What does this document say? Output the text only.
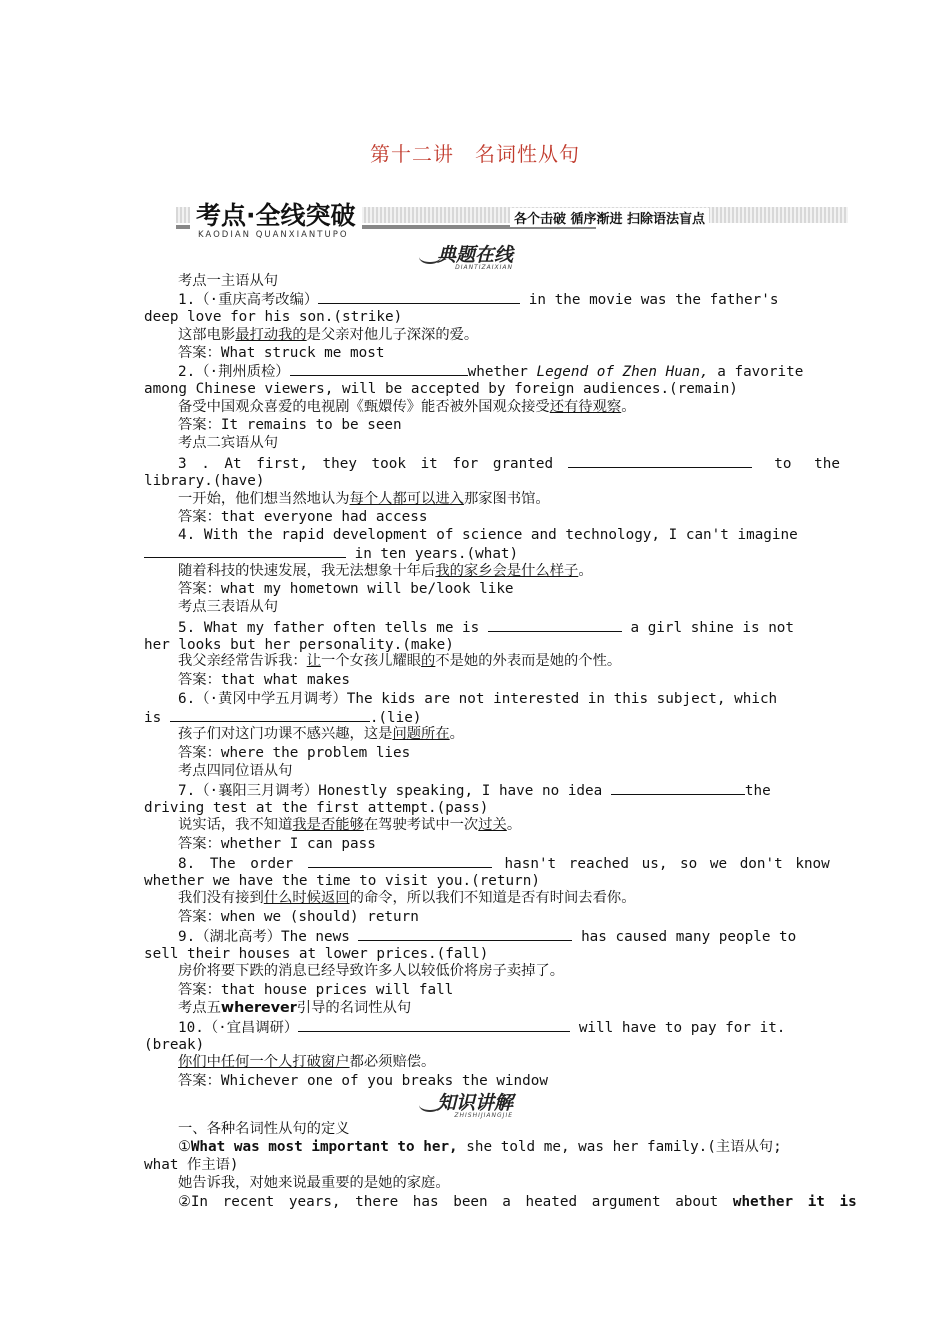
第十二讲　名词性从句
考点·全线突破
KAODIAN QUANXIANTUPO
各个击破 循序渐进 扫除语法盲点
典题在线
DIANTIZAIXIAN
考点一主语从句
1.（·重庆高考改编）	in the movie was the father's
deep love for his son.(strike)
这部电影最打动我的是父亲对他儿子深深的爱。
答案：What struck me most
2.（·荆州质检）	whether Legend of Zhen Huan, a favorite
among Chinese viewers, will be accepted by foreign audiences.(remain)
备受中国观众喜爱的电视剧《甄嬛传》能否被外国观众接受还有待观察。
答案：It remains to be seen
考点二宾语从句
3 . At first, they took it for granted	to the
library.(have)
一开始，他们想当然地认为每个人都可以进入那家图书馆。
答案：that everyone had access
4. With the rapid development of science and technology, I can't imagine
in ten years.(what)
随着科技的快速发展，我无法想象十年后我的家乡会是什么样子。
答案：what my hometown will be/look like
考点三表语从句
5. What my father often tells me is	a girl shine is not
her looks but her personality.(make)
我父亲经常告诉我：让一个女孩儿耀眼的不是她的外表而是她的个性。
答案：that what makes
6.（·黄冈中学五月调考）The kids are not interested in this subject, which
is	.(lie)
孩子们对这门功课不感兴趣，这是问题所在。
答案：where the problem lies
考点四同位语从句
7.（·襄阳三月调考）Honestly speaking, I have no idea	the
driving test at the first attempt.(pass)
说实话，我不知道我是否能够在驾驶考试中一次过关。
答案：whether I can pass
8. The order	hasn't reached us, so we don't know
whether we have the time to visit you.(return)
我们没有接到什么时候返回的命令，所以我们不知道是否有时间去看你。
答案：when we (should) return
9.（湖北高考）The news	has caused many people to
sell their houses at lower prices.(fall)
房价将要下跌的消息已经导致许多人以较低价将房子卖掉了。
答案：that house prices will fall
考点五wherever引导的名词性从句
10.（·宜昌调研）	will have to pay for it.
(break)
你们中任何一个人打破窗户都必须赔偿。
答案：Whichever one of you breaks the window
一、各种名词性从句的定义
①What was most important to her, she told me, was her family.(主语从句;
what 作主语)
她告诉我，对她来说最重要的是她的家庭。
②In recent years, there has been a heated argument about whether it is
知识讲解
ZHISHIJIANGJIE
